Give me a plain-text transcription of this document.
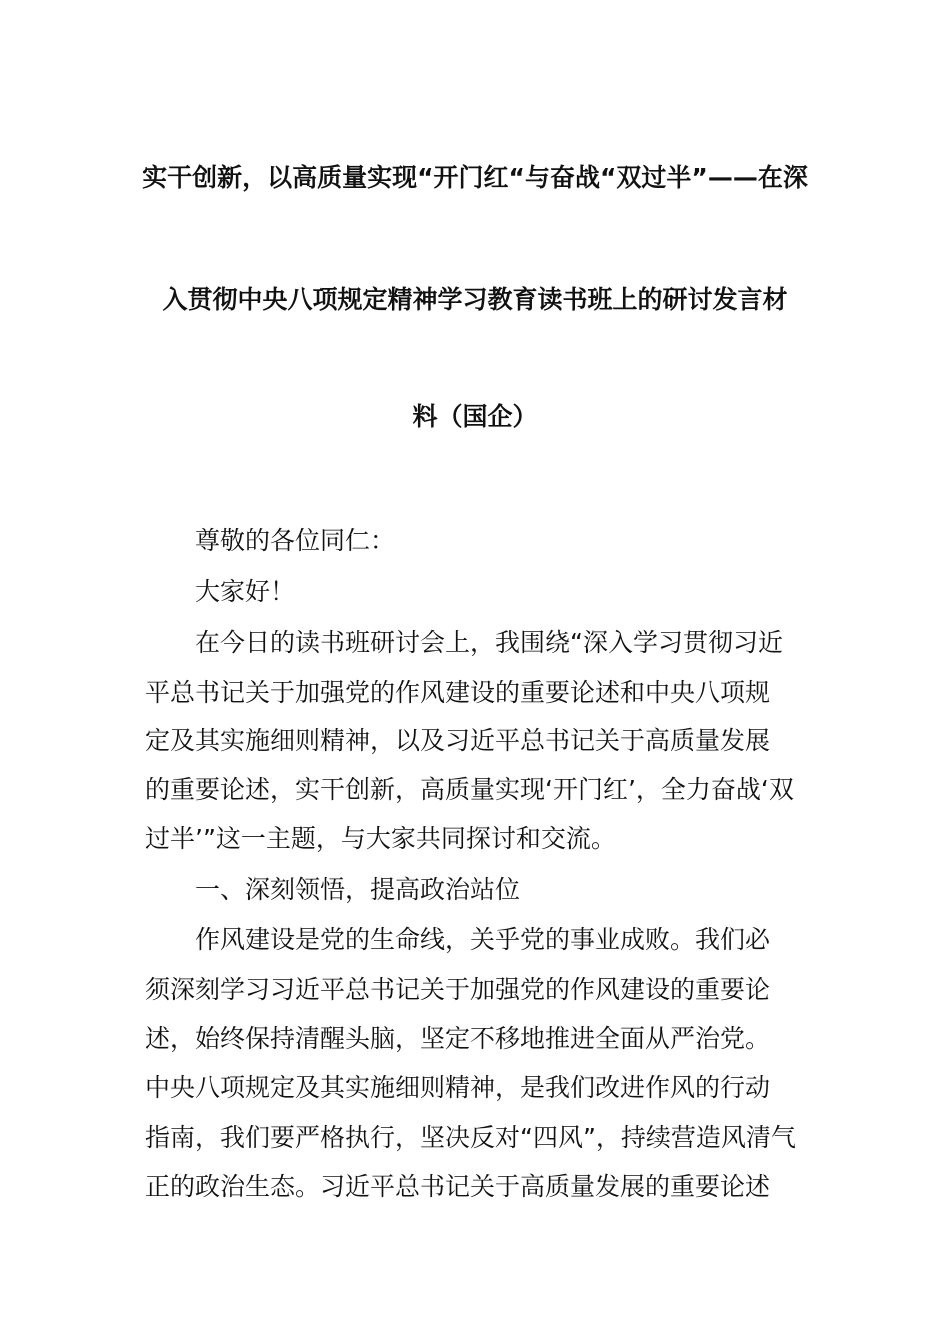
实干创新，以高质量实现“开门红“与奋战“双过半”——在深
入贯彻中央八项规定精神学习教育读书班上的研讨发言材
料（国企）
尊敬的各位同仁：
大家好！
在今日的读书班研讨会上，我围绕“深入学习贯彻习近
平总书记关于加强党的作风建设的重要论述和中央八项规
定及其实施细则精神，以及习近平总书记关于高质量发展
的重要论述，实干创新，高质量实现‘开门红’，全力奋战‘双
过半’”这一主题，与大家共同探讨和交流。
一、深刻领悟，提高政治站位
作风建设是党的生命线，关乎党的事业成败。我们必
须深刻学习习近平总书记关于加强党的作风建设的重要论
述，始终保持清醒头脑，坚定不移地推进全面从严治党。
中央八项规定及其实施细则精神，是我们改进作风的行动
指南，我们要严格执行，坚决反对“四风”，持续营造风清气
正的政治生态。习近平总书记关于高质量发展的重要论述
